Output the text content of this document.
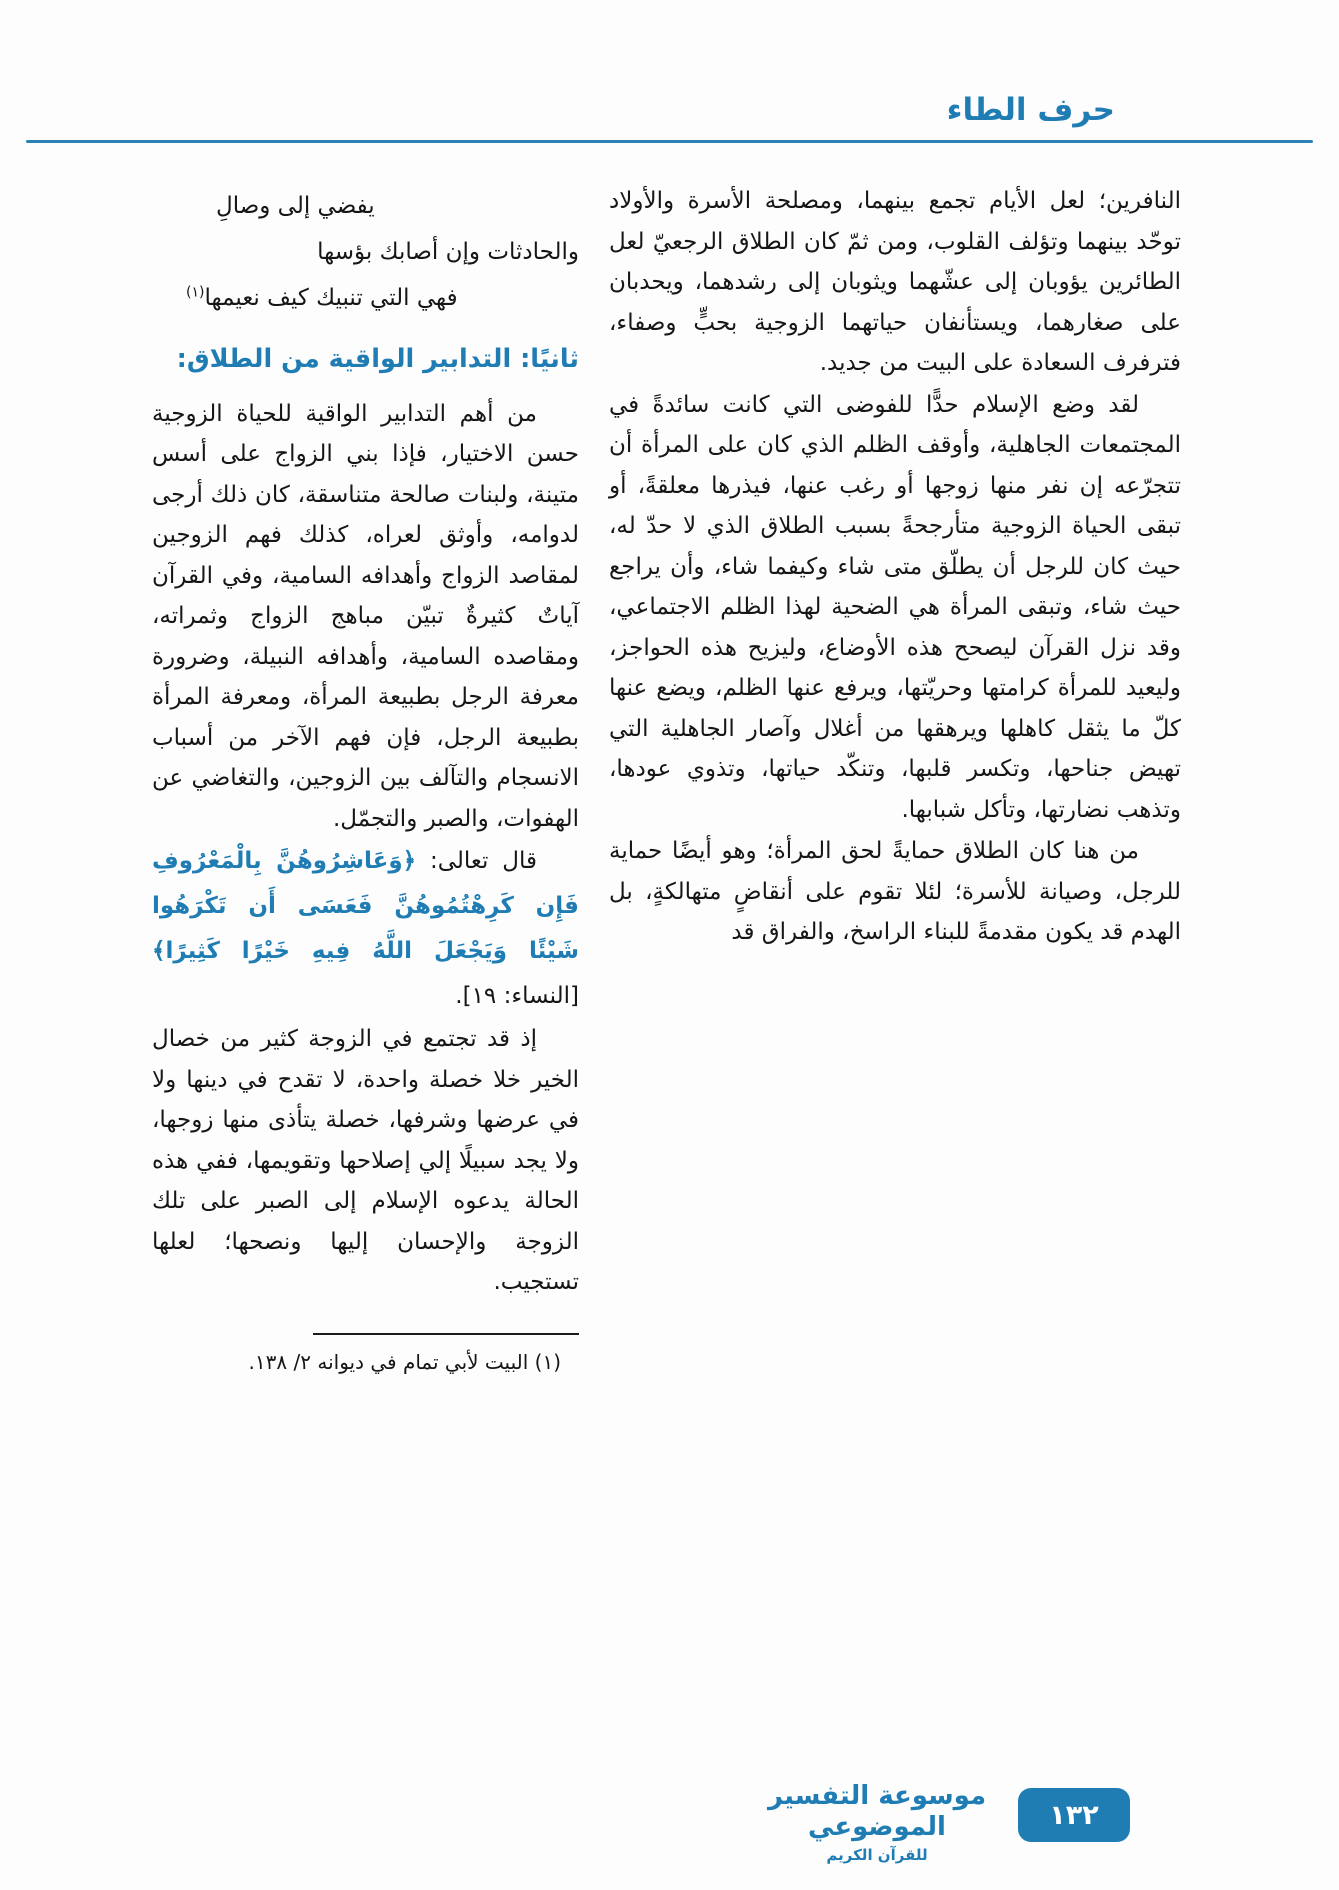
حرف الطاء

النافرين؛ لعل الأيام تجمع بينهما، ومصلحة الأسرة والأولاد توحّد بينهما وتؤلف القلوب، ومن ثمّ كان الطلاق الرجعيّ لعل الطائرين يؤوبان إلى عشّهما ويثوبان إلى رشدهما، ويحدبان على صغارهما، ويستأنفان حياتهما الزوجية بحبٍّ وصفاء، فترفرف السعادة على البيت من جديد.

لقد وضع الإسلام حدًّا للفوضى التي كانت سائدةً في المجتمعات الجاهلية، وأوقف الظلم الذي كان على المرأة أن تتجرّعه إن نفر منها زوجها أو رغب عنها، فيذرها معلقةً، أو تبقى الحياة الزوجية متأرجحةً بسبب الطلاق الذي لا حدّ له، حيث كان للرجل أن يطلّق متى شاء وكيفما شاء، وأن يراجع حيث شاء، وتبقى المرأة هي الضحية لهذا الظلم الاجتماعي، وقد نزل القرآن ليصحح هذه الأوضاع، وليزيح هذه الحواجز، وليعيد للمرأة كرامتها وحريّتها، ويرفع عنها الظلم، ويضع عنها كلّ ما يثقل كاهلها ويرهقها من أغلال وآصار الجاهلية التي تهيض جناحها، وتكسر قلبها، وتنكّد حياتها، وتذوي عودها، وتذهب نضارتها، وتأكل شبابها.

من هنا كان الطلاق حمايةً لحق المرأة؛ وهو أيضًا حماية للرجل، وصيانة للأسرة؛ لئلا تقوم على أنقاضٍ متهالكةٍ، بل الهدم قد يكون مقدمةً للبناء الراسخ، والفراق قد

يفضي إلى وصالِ
والحادثات وإن أصابك بؤسها
فهي التي تنبيك كيف نعيمها$^{(١)}$
ثانيًا: التدابير الواقية من الطلاق:

من أهم التدابير الواقية للحياة الزوجية حسن الاختيار، فإذا بني الزواج على أسس متينة، ولبنات صالحة متناسقة، كان ذلك أرجى لدوامه، وأوثق لعراه، كذلك فهم الزوجين لمقاصد الزواج وأهدافه السامية، وفي القرآن آياتٌ كثيرةٌ تبيّن مباهج الزواج وثمراته، ومقاصده السامية، وأهدافه النبيلة، وضرورة معرفة الرجل بطبيعة المرأة، ومعرفة المرأة بطبيعة الرجل، فإن فهم الآخر من أسباب الانسجام والتآلف بين الزوجين، والتغاضي عن الهفوات، والصبر والتجمّل.

قال تعالى: ﴿وَعَاشِرُوهُنَّ بِالْمَعْرُوفِ فَإِن كَرِهْتُمُوهُنَّ فَعَسَى أَن تَكْرَهُوا شَيْئًا وَيَجْعَلَ اللَّهُ فِيهِ خَيْرًا كَثِيرًا﴾ [النساء: ١٩].

إذ قد تجتمع في الزوجة كثير من خصال الخير خلا خصلة واحدة، لا تقدح في دينها ولا في عرضها وشرفها، خصلة يتأذى منها زوجها، ولا يجد سبيلًا إلي إصلاحها وتقويمها، ففي هذه الحالة يدعوه الإسلام إلى الصبر على تلك الزوجة والإحسان إليها ونصحها؛ لعلها تستجيب.

(١) البيت لأبي تمام في ديوانه ٢/ ١٣٨.

موسوعة التفسير الموضوعي
للقرآن الكريم
١٣٢
